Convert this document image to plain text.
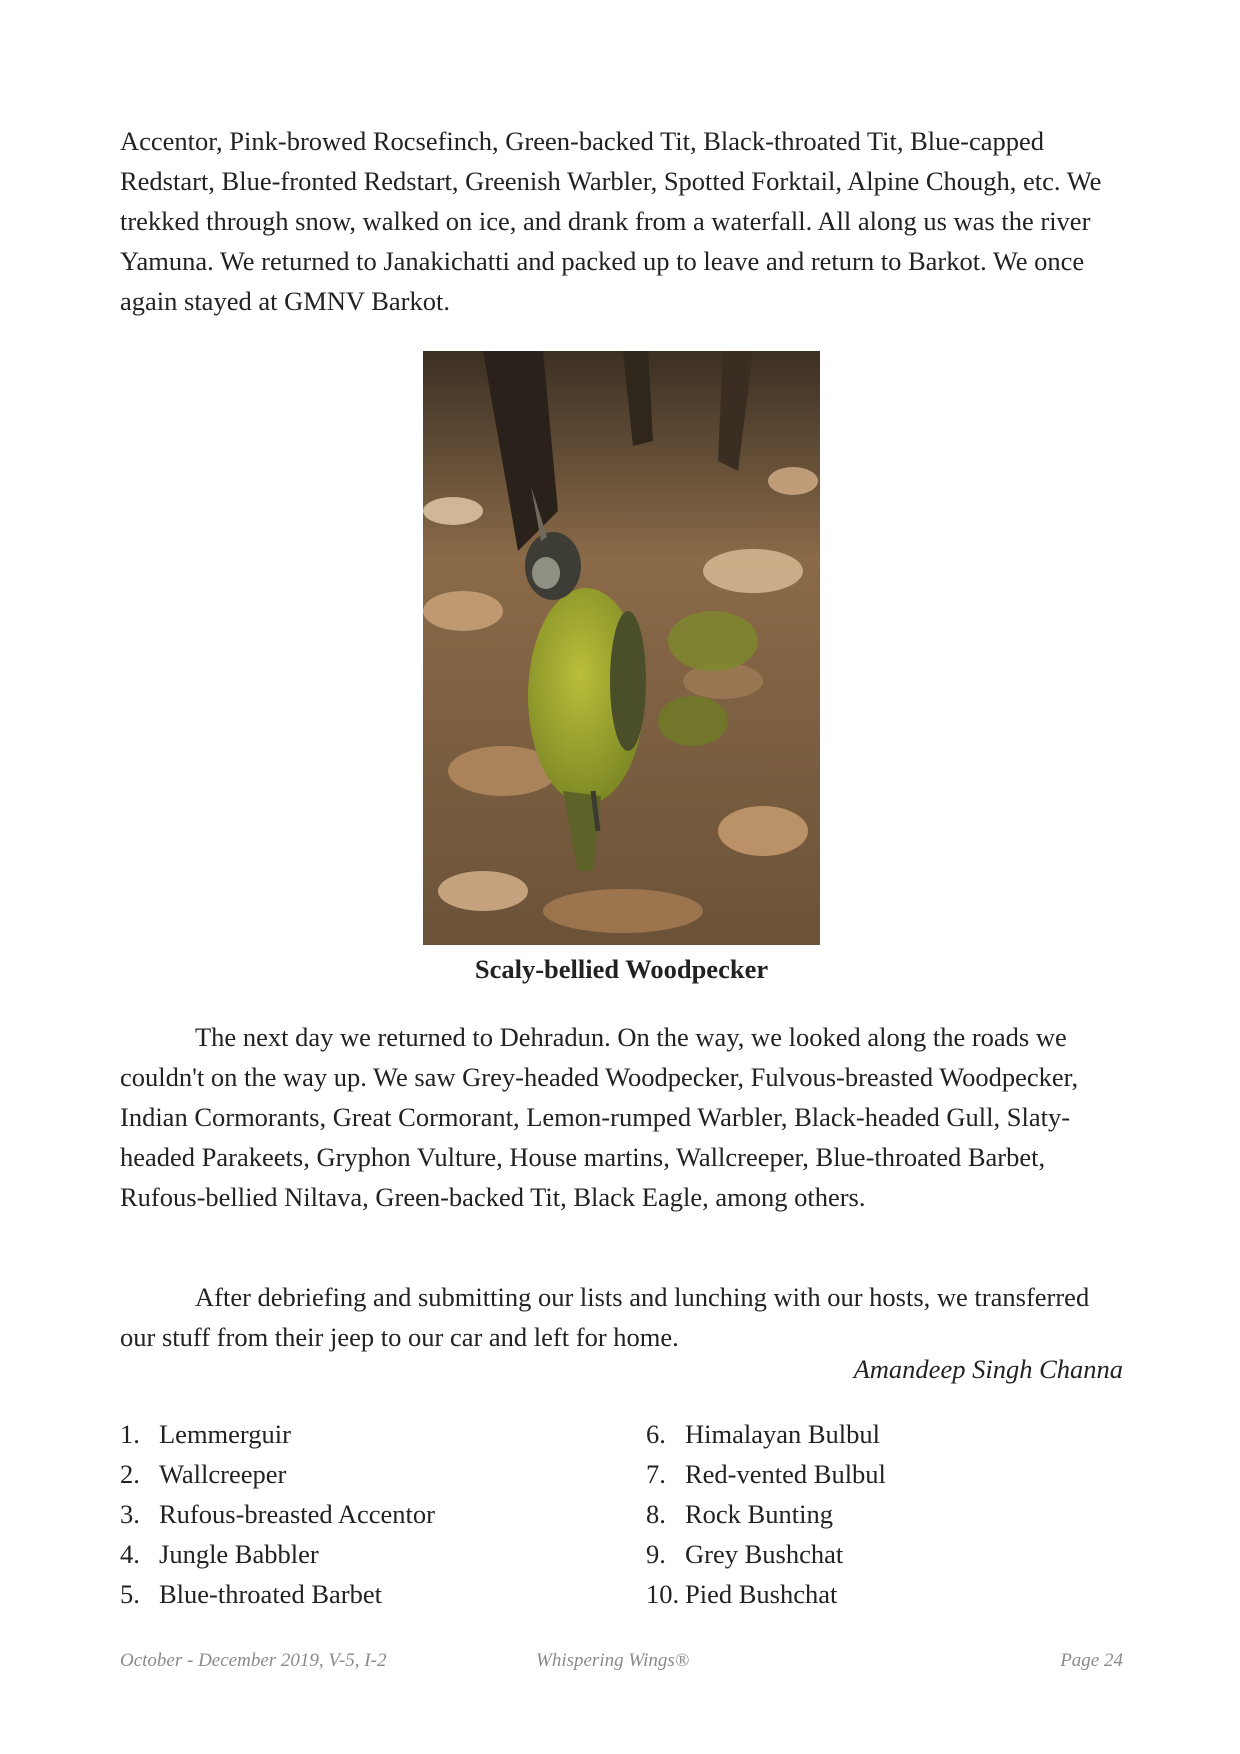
Accentor, Pink-browed Rocsefinch, Green-backed Tit, Black-throated Tit, Blue-capped Redstart, Blue-fronted Redstart, Greenish Warbler, Spotted Forktail, Alpine Chough, etc. We trekked through snow, walked on ice, and drank from a waterfall. All along us was the river Yamuna. We returned to Janakichatti and packed up to leave and return to Barkot. We once again stayed at GMNV Barkot.

Scaly-bellied Woodpecker

The next day we returned to Dehradun. On the way, we looked along the roads we couldn't on the way up. We saw Grey-headed Woodpecker, Fulvous-breasted Woodpecker, Indian Cormorants, Great Cormorant, Lemon-rumped Warbler, Black-headed Gull, Slaty-headed Parakeets, Gryphon Vulture, House martins, Wallcreeper, Blue-throated Barbet, Rufous-bellied Niltava, Green-backed Tit, Black Eagle, among others.

After debriefing and submitting our lists and lunching with our hosts, we transferred our stuff from their jeep to our car and left for home.

Amandeep Singh Channa
1. Lemmerguir
2. Wallcreeper
3. Rufous-breasted Accentor
4. Jungle Babbler
5. Blue-throated Barbet
6. Himalayan Bulbul
7. Red-vented Bulbul
8. Rock Bunting
9. Grey Bushchat
10. Pied Bushchat
October - December 2019, V-5, I-2	Whispering Wings®	Page 24
